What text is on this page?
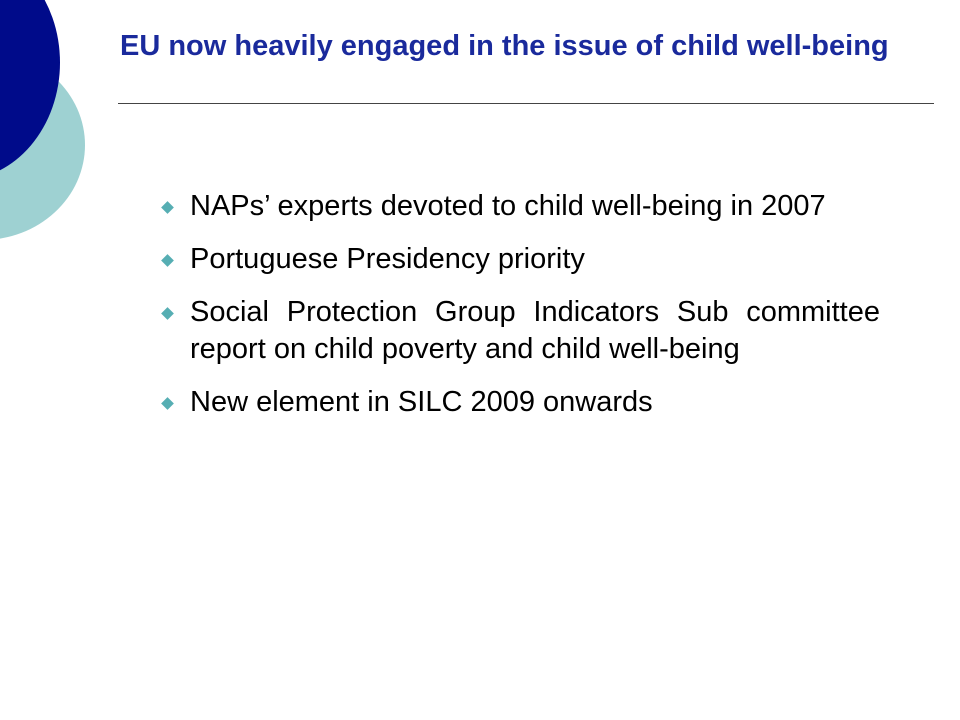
EU now heavily engaged in the issue of child well-being
NAPs’ experts devoted to child well-being in 2007
Portuguese Presidency priority
Social Protection Group Indicators Sub committee report on child poverty and child well-being
New element in SILC 2009 onwards
